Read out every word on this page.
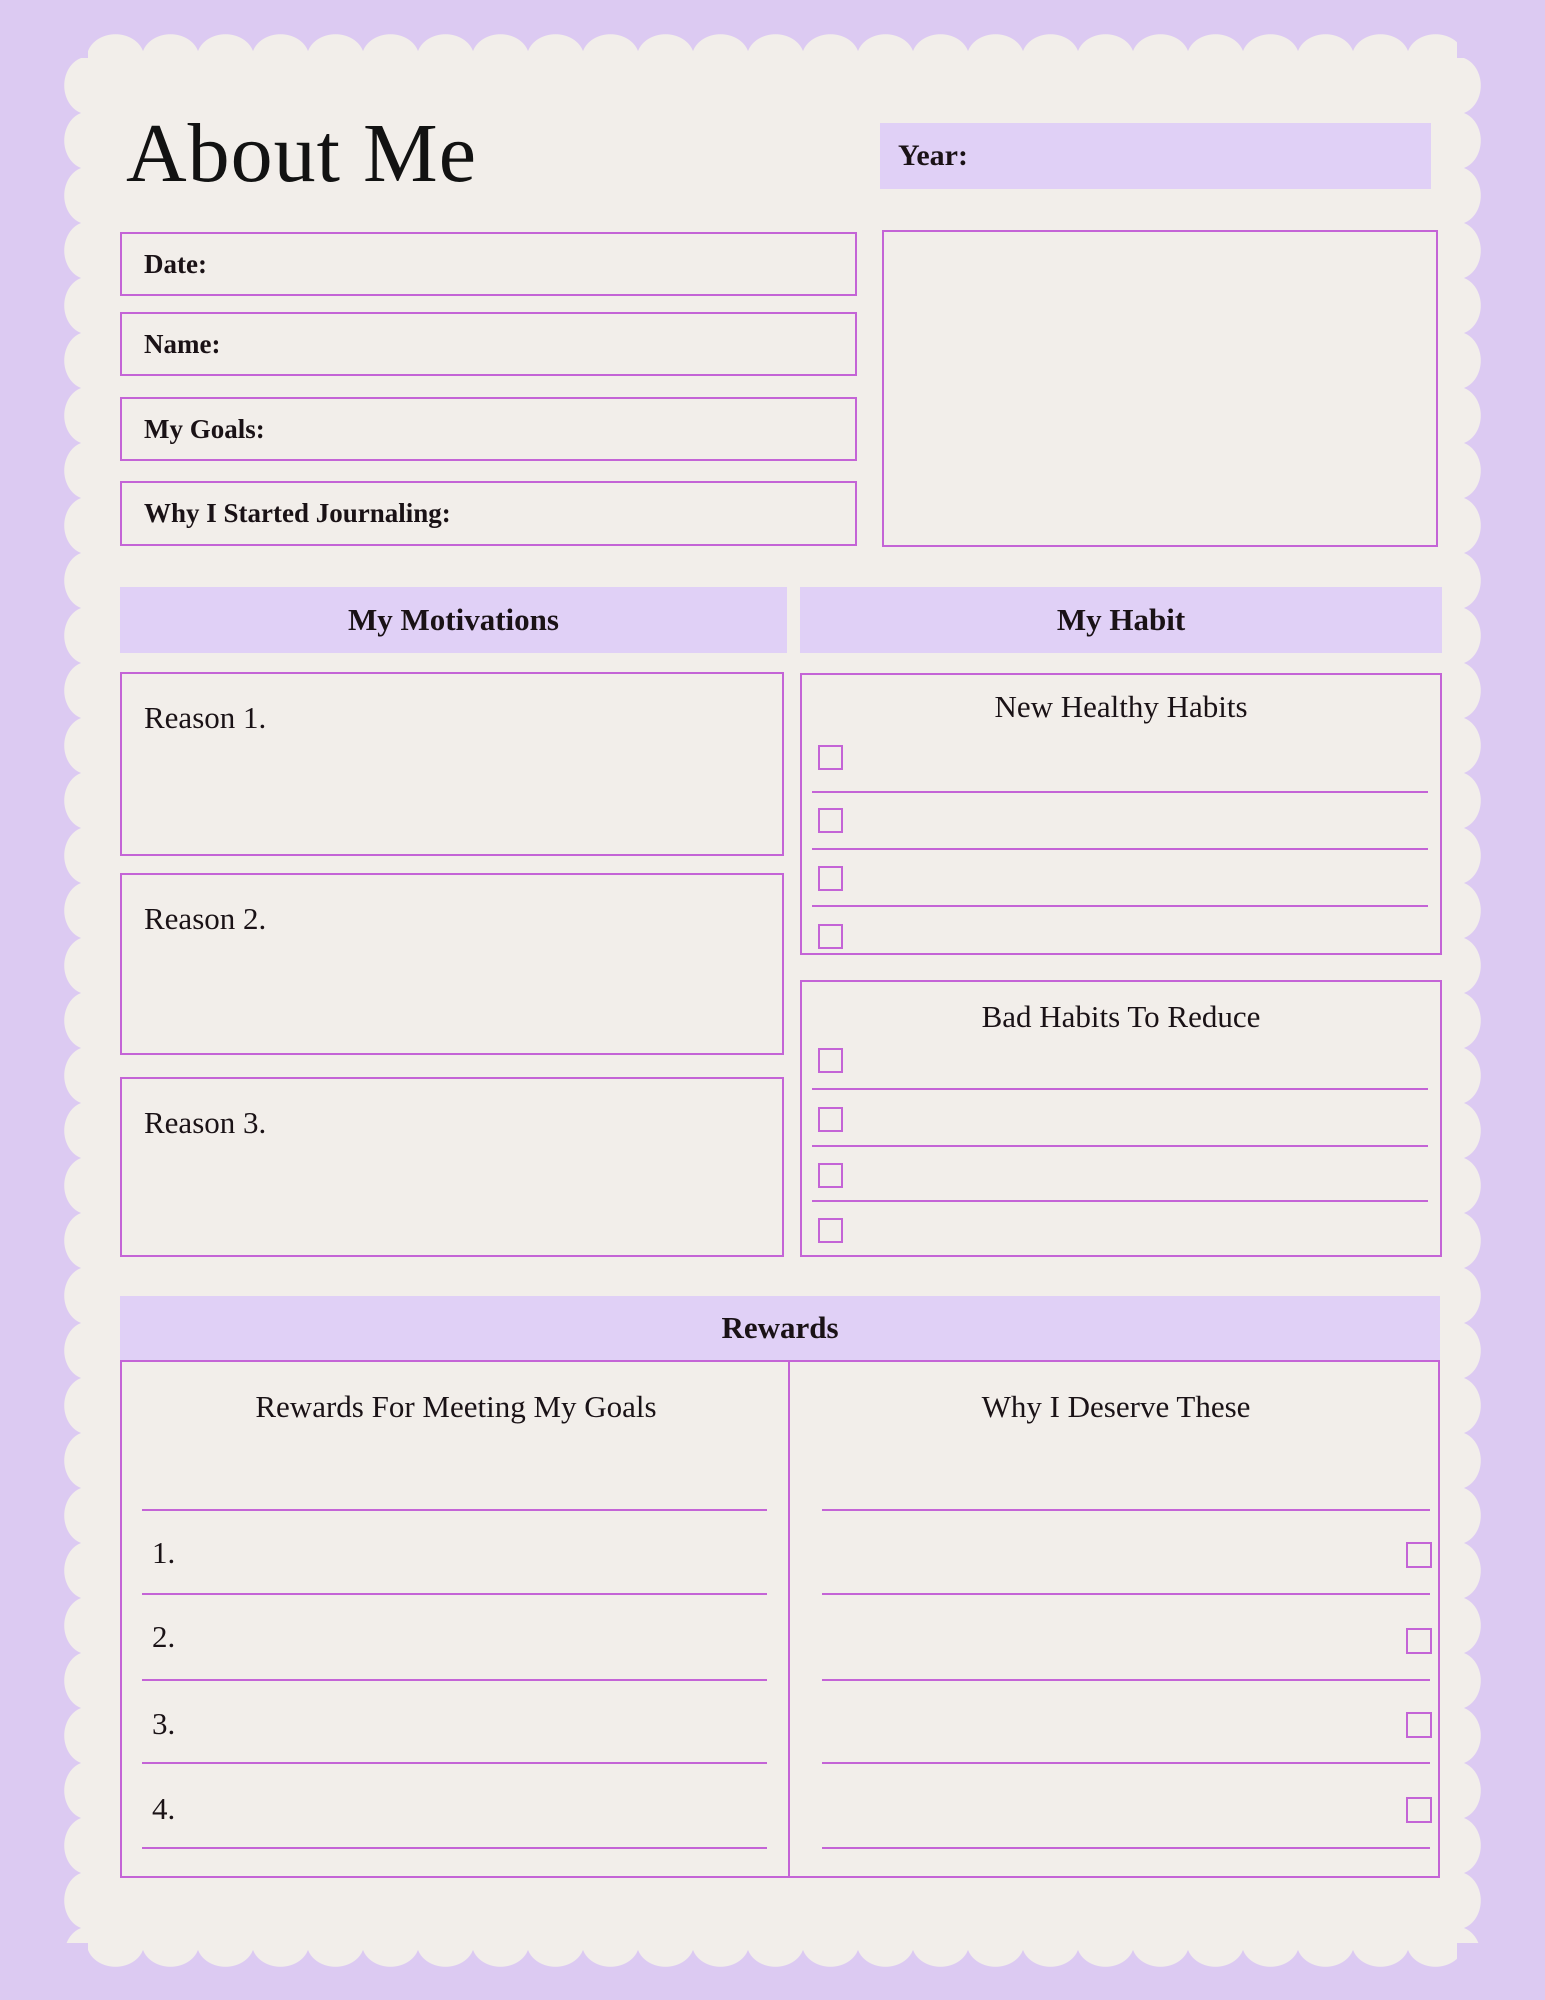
About Me	Year:
Date:
Name:
My Goals:
Why I Started Journaling:
My Motivations	My Habit
Reason 1.
Reason 2.
Reason 3.
New Healthy Habits
Bad Habits To Reduce
Rewards
Rewards For Meeting My Goals
1.
2.
3.
4.
Why I Deserve These
